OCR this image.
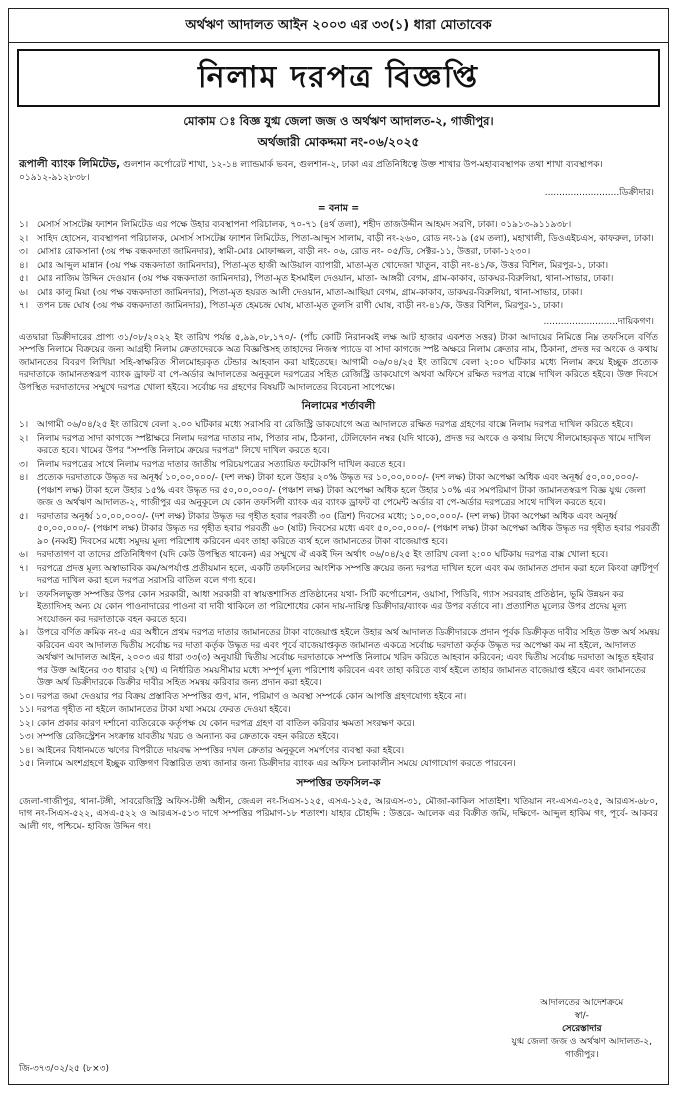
অর্থঋণ আদালত আইন ২০০৩ এর ৩৩(১) ধারা মোতাবেক
নিলাম দরপত্র বিজ্ঞপ্তি
মোকাম ঃ বিজ্ঞ যুগ্ম জেলা জজ ও অর্থঋণ আদালত-২, গাজীপুর।
অর্থজারী মোকদ্দমা নং-০৬/২০২৫
রূপালী ব্যাংক লিমিটেড, গুলশান কর্পোরেট শাখা, ১২-১৪ ল্যান্ডমার্ক ভবন, গুলশান-২, ঢাকা এর প্রতিনিধিত্বে উক্ত শাখার উপ-মহাব্যবস্থাপক তথা শাখা ব্যবস্থাপক। ০১৯১২-৯১২৮৩৮।
..........................ডিক্রীদার।
= বনাম =
১। মেসার্স সাসটেক্স ফ্যাশন লিমিটেড এর পক্ষে উহার ব্যবস্থাপনা পরিচালক, ৭০-৭১ (৪র্থ তলা), শহীদ তাজউদ্দীন আহমদ সরণি, ঢাকা। ০১৯১৩-৯১১৯৩৮।
২। সাহিদ হোসেন, ব্যবস্থাপনা পরিচালক, মেসার্স সাসটেক্স ফ্যাশন লিমিটেড, পিতা-আব্দুস সালাম, বাড়ী নং-২৬০, রোড নং-১৯ (৫ম তলা), মহাখালী, ডিওএইচএস, কাফরুল, ঢাকা।
৩। মোসাঃ রোকসানা (৩য় পক্ষ বন্ধকদাতা জামিনদার), স্বামী-মোঃ মোফাজ্জল, বাড়ী নং- ০৬, রোড নং- ০৫/ডি, সেক্টর-১১, উত্তরা, ঢাকা-১২৩০।
৪। মোঃ আব্দুল মান্নান (৩য় পক্ষ বন্ধকদাতা জামিনদার), পিতা-মৃত হাজী আউয়াল ব্যাপারী, মাতা-মৃত খোদেজা খাতুন, বাড়ী নং-৪১/ক, উত্তর বিশিল, মিরপুর-১, ঢাকা।
৫। মোঃ নাজিম উদ্দিন দেওয়ান (৩য় পক্ষ বন্ধকদাতা জামিনদার), পিতা-মৃত ইসমাইল দেওয়ান, মাতা- আঙ্গরী বেগম, গ্রাম-কাকাব, ডাকঘর-বিরুলিয়া, থানা-সাভার, ঢাকা।
৬। মোঃ কালু মিয়া (৩য় পক্ষ বন্ধকদাতা জামিনদার), পিতা-মৃত হযরত আলী দেওয়ান, মাতা-আছিয়া বেগম, গ্রাম-কাকাব, ডাকঘর-বিরুলিয়া, থানা-সাভার, ঢাকা।
৭। তপন চন্দ্র ঘোষ (৩য় পক্ষ বন্ধকদাতা জামিনদার), পিতা-মৃত হেমচন্দ্র ঘোষ, মাতা-মৃত তুলসি রাণী ঘোষ, বাড়ী নং-৪১/ক, উত্তর বিশিল, মিরপুর-১, ঢাকা।
..........................দায়িকগণ।
এতদ্বারা ডিক্রীদারের প্রাপ্য ৩১/০৮/২০২২ ইং তারিখ পর্যন্ত ৫,৯৯,০৮,১৭০/- (পাঁচ কোটি নিরানব্বই লক্ষ আট হাজার একশত সত্তর) টাকা আদায়ের নিমিত্তে নিম্ন তফসিলে বর্ণিত সম্পত্তি নিলামে বিক্রয়ের জন্য আগ্রহী নিলাম ক্রেতাদেরকে অত্র বিজ্ঞপ্তিসহ তাহাদের নিজস্ব প্যাডে বা সাদা কাগজে স্পষ্ট অক্ষরে নিলাম ক্রেতার নাম, ঠিকানা, প্রদত্ত দর অংকে ও কথায় জামানতের বিবরণ লিখিয়া সহি-স্বাক্ষরিত সীলমোহরকৃত টেন্ডার আহবান করা যাইতেছে। আগামী ০৬/০৪/২৫ ইং তারিখে বেলা ২:০০ ঘটিকার মধ্যে নিলাম ক্রয়ে ইচ্ছুক প্রত্যেক দরদাতাকে জামানতস্বরূপ ব্যাংক ড্রাফট বা পে-অর্ডার আদালতের অনুকূলে দরপত্রের সহিত রেজিস্ট্রি ডাকযোগে অথবা অফিসে রক্ষিত দরপত্র বাক্সে দাখিল করিতে হইবে। উক্ত দিবসে উপস্থিত দরদাতাদের সম্মুখে দরপত্র খোলা হইবে। সর্বোচ্চ দর গ্রহণের বিষয়টি আদালতের বিবেচনা সাপেক্ষে।
নিলামের শর্তাবলী
১। আগামী ০৬/০৪/২৫ ইং তারিখে বেলা ২.০০ ঘটিকার মধ্যে সরাসরি বা রেজিস্ট্রি ডাকযোগে অত্র আদালতে রক্ষিত দরপত্র গ্রহণের বাক্সে নিলাম দরপত্র দাখিল করিতে হইবে।
২। নিলাম দরপত্র সাদা কাগজে স্পষ্টাক্ষরে নিলাম দরপত্র দাতার নাম, পিতার নাম, ঠিকানা, টেলিফোন নম্বর (যদি থাকে), প্রদত্ত দর অংকে ও কথায় লিখে সীলমোহরকৃত খামে দাখিল করতে হবে। খামের উপর "সম্পত্তি নিলামে ক্রয়ের দরপত্র" লিখে দাখিল করতে হবে।
৩। নিলাম দরপত্রের সাথে নিলাম দরপত্র দাতার জাতীয় পরিচয়পত্রের সত্যায়িত ফটোকপি দাখিল করতে হবে।
৪। প্রত্যেক দরদাতাকে উদ্ধৃত দর অনূর্ধ্ব ১০,০০,০০০/- (দশ লক্ষ) টাকা হলে উহার ২০% উদ্ধৃত দর ১০,০০,০০০/- (দশ লক্ষ) টাকা অপেক্ষা অধিক এবং অনূর্ধ্ব ৫০,০০,০০০/- (পঞ্চাশ লক্ষ) টাকা হলে উহার ১৫% এবং উদ্ধৃত দর ৫০,০০,০০০/- (পঞ্চাশ লক্ষ) টাকা অপেক্ষা অধিক হলে উহার ১০% এর সমপরিমাণ টাকা জামানতস্বরূপ বিজ্ঞ যুগ্ম জেলা জজ ও অর্থঋণ আদালত-২, গাজীপুর এর অনুকূলে যে কোন তফসিলী ব্যাংক এর ব্যাংক ড্রাফট বা পেমেন্ট অর্ডার বা পে-অর্ডার দরপত্রের সাথে দাখিল করতে হবে।
৫। দরদাতার অনূর্ধ্ব ১০,০০,০০০/- (দশ লক্ষ) টাকার উদ্ধৃত দর গৃহীত হবার পরবর্তী ৩০ (ত্রিশ) দিবসের মধ্যে; ১০,০০,০০০/- (দশ লক্ষ) টাকা অপেক্ষা অধিক এবং অনূর্ধ্ব ৫০,০০,০০০/- (পঞ্চাশ লক্ষ) টাকার উদ্ধৃত দর গৃহীত হবার পরবর্তী ৬০ (ষাট) দিবসের মধ্যে এবং ৫০,০০,০০০/- (পঞ্চাশ লক্ষ) টাকা অপেক্ষা অধিক উদ্ধৃত দর গৃহীত হবার পরবর্তী ৯০ (নব্বই) দিবসের মধ্যে সমুদয় মূল্য পরিশোধ করিবেন এবং তাহা করিতে ব্যর্থ হলে জামানতের টাকা বাজেয়াপ্ত হবে।
৬। দরদাতাগণ বা তাদের প্রতিনিধিগণ (যদি কেউ উপস্থিত থাকেন) এর সম্মুখে ঐ একই দিন অর্থাৎ ০৬/০৪/২৫ ইং তারিখ বেলা ২:০০ ঘটিকায় দরপত্র বাক্স খোলা হবে।
৭। দরপত্রে প্রদত্ত মূল্য অস্বাভাবিক কম/অপর্যাপ্ত প্রতীয়মান হলে, একটি তফসিলের আংশিক সম্পত্তি ক্রয়ের জন্য দরপত্র দাখিল হলে এবং কম জামানত প্রদান করা হলে কিংবা ত্রুটিপূর্ণ দরপত্র দাখিল করা হলে দরপত্র সরাসরি বাতিল বলে গণ্য হবে।
৮। তফসিলভুক্ত সম্পত্তির উপর কোন সরকারী, আধা সরকারী বা স্বায়ত্তশাসিত প্রতিষ্ঠানের যথা- সিটি কর্পোরেশন, ওয়াসা, পিডিবি, গ্যাস সরবরাহ প্রতিষ্ঠান, ভূমি উন্নয়ন কর ইত্যাদিসহ অন্য যে কোন পাওনাদারের পাওনা বা দাবী থাকিলে তা পরিশোধের কোন দায়-দায়িত্ব ডিক্রীদার/ব্যাংক এর উপর বর্তাবে না। প্রত্যাশিত মূল্যের উপর প্রদেয় মূল্য সংযোজন কর দরদাতাকে বহন করতে হবে।
৯। উপরে বর্ণিত ক্রমিক নং-৫ এর অধীনে প্রথম দরপত্র দাতার জামানতের টাকা বাজেয়াপ্ত হইলে উহার অর্থ আদালত ডিক্রীদারকে প্রদান পূর্বক ডিক্রীকৃত দাবীর সহিত উক্ত অর্থ সমন্বয় করিবেন এবং আদালত দ্বিতীয় সর্বোচ্চ দর দাতা কর্তৃক উদ্ধৃত দর এবং পূর্বে বাজেয়াপ্তকৃত জামানত একত্রে সর্বোচ্চ দরদাতা কর্তৃক উদ্ধৃত দর অপেক্ষা কম না হইলে, আদালত অর্থঋণ আদালত আইন, ২০০৩ এর ধারা ৩৩(৩) অনুযায়ী দ্বিতীয় সর্বোচ্চ দরদাতাকে সম্পত্তি নিলামে খরিদ করিতে আহবান করিবেন; এবং দ্বিতীয় সর্বোচ্চ দরদাতা আহূত হইবার পর উক্ত আইনের ৩৩ ধারার ২(খ) এ নির্ধারিত সময়সীমার মধ্যে সম্পূর্ণ মূল্য পরিশোধ করিবেন এবং তাহা করিতে ব্যর্থ হইলে তাহার জামানত বাজেয়াপ্ত হইবে এবং জামানতের উক্ত অর্থ ডিক্রীদারকে ডিক্রীর দাবীর সহিত সমন্বয় করিবার জন্য প্রদান করা হইবে।
১০। দরপত্র জমা দেওয়ার পর বিক্রয় প্রস্তাবিত সম্পত্তির গুণ, মান, পরিমাণ ও অবস্থা সম্পর্কে কোন আপত্তি গ্রহণযোগ্য হইবে না।
১১। দরপত্র গৃহীত না হইলে জামানতের টাকা যথা সময়ে ফেরত দেওয়া হইবে।
১২। কোন প্রকার কারণ দর্শানো ব্যতিরেকে কর্তৃপক্ষ যে কোন দরপত্র গ্রহণ বা বাতিল করিবার ক্ষমতা সংরক্ষণ করে।
১৩। সম্পত্তি রেজিস্ট্রেশন সংক্রান্ত যাবতীয় খরচ ও অন্যান্য কর ক্রেতাকে বহন করিতে হইবে।
১৪। আইনের বিধানমতে ঋণের বিপরীতে দায়বদ্ধ সম্পত্তির দখল ক্রেতার অনুকূলে সমর্পণের ব্যবস্থা করা হইবে।
১৫। নিলামে অংশগ্রহণে ইচ্ছুক ব্যক্তিগণ বিস্তারিত তথ্য জানার জন্য ডিক্রীদার ব্যাংক এর অফিস চলাকালীন সময়ে যোগাযোগ করতে পারবেন।
সম্পত্তির তফসিল-ক
জেলা-গাজীপুর, থানা-টঙ্গী, সাবরেজিস্ট্রি অফিস-টঙ্গী অধীন, জেএল নং-সিএস-১২৫, এসএ-১২৫, আরএস-৩১, মৌজা-কাকিল সাতাইশ। খতিয়ান নং-এসএ-৩২৫, আরএস-৬৮০, দাগ নং-সিএস-৫২২, এসএ-৫২২ ও আরএস-৫১৩ দাগে সম্পত্তির পরিমাণ-১৮ শতাংশ। যাহার চৌহদ্দি : উত্তরে- আলেক এর বিক্রীত জমি, দক্ষিণে- আব্দুল হাকিম গং, পূর্বে- আকবর আলী গং, পশ্চিমে- হাবিজ উদ্দিন গং।
আদালতের আদেশক্রমে
স্বা/-
সেরেস্তাদার
যুগ্ম জেলা জজ ও অর্থঋণ আদালত-২,
গাজীপুর।
জি-৩৭৩/০২/২৫ (৮×৩)
